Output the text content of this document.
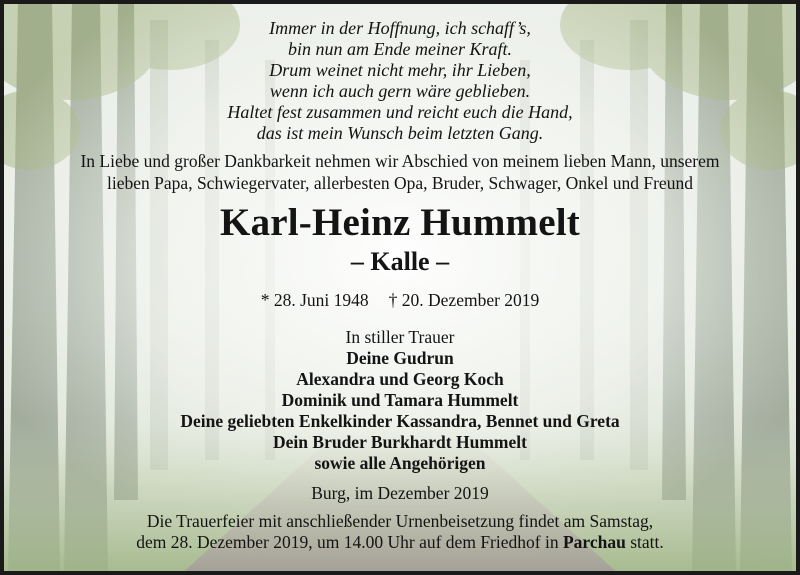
Immer in der Hoffnung, ich schaff’s,
bin nun am Ende meiner Kraft.
Drum weinet nicht mehr, ihr Lieben,
wenn ich auch gern wäre geblieben.
Haltet fest zusammen und reicht euch die Hand,
das ist mein Wunsch beim letzten Gang.
In Liebe und großer Dankbarkeit nehmen wir Abschied von meinem lieben Mann, unserem
lieben Papa, Schwiegervater, allerbesten Opa, Bruder, Schwager, Onkel und Freund
Karl-Heinz Hummelt
– Kalle –
* 28. Juni 1948 † 20. Dezember 2019
In stiller Trauer
Deine Gudrun
Alexandra und Georg Koch
Dominik und Tamara Hummelt
Deine geliebten Enkelkinder Kassandra, Bennet und Greta
Dein Bruder Burkhardt Hummelt
sowie alle Angehörigen
Burg, im Dezember 2019
Die Trauerfeier mit anschließender Urnenbeisetzung findet am Samstag,
dem 28. Dezember 2019, um 14.00 Uhr auf dem Friedhof in Parchau statt.
